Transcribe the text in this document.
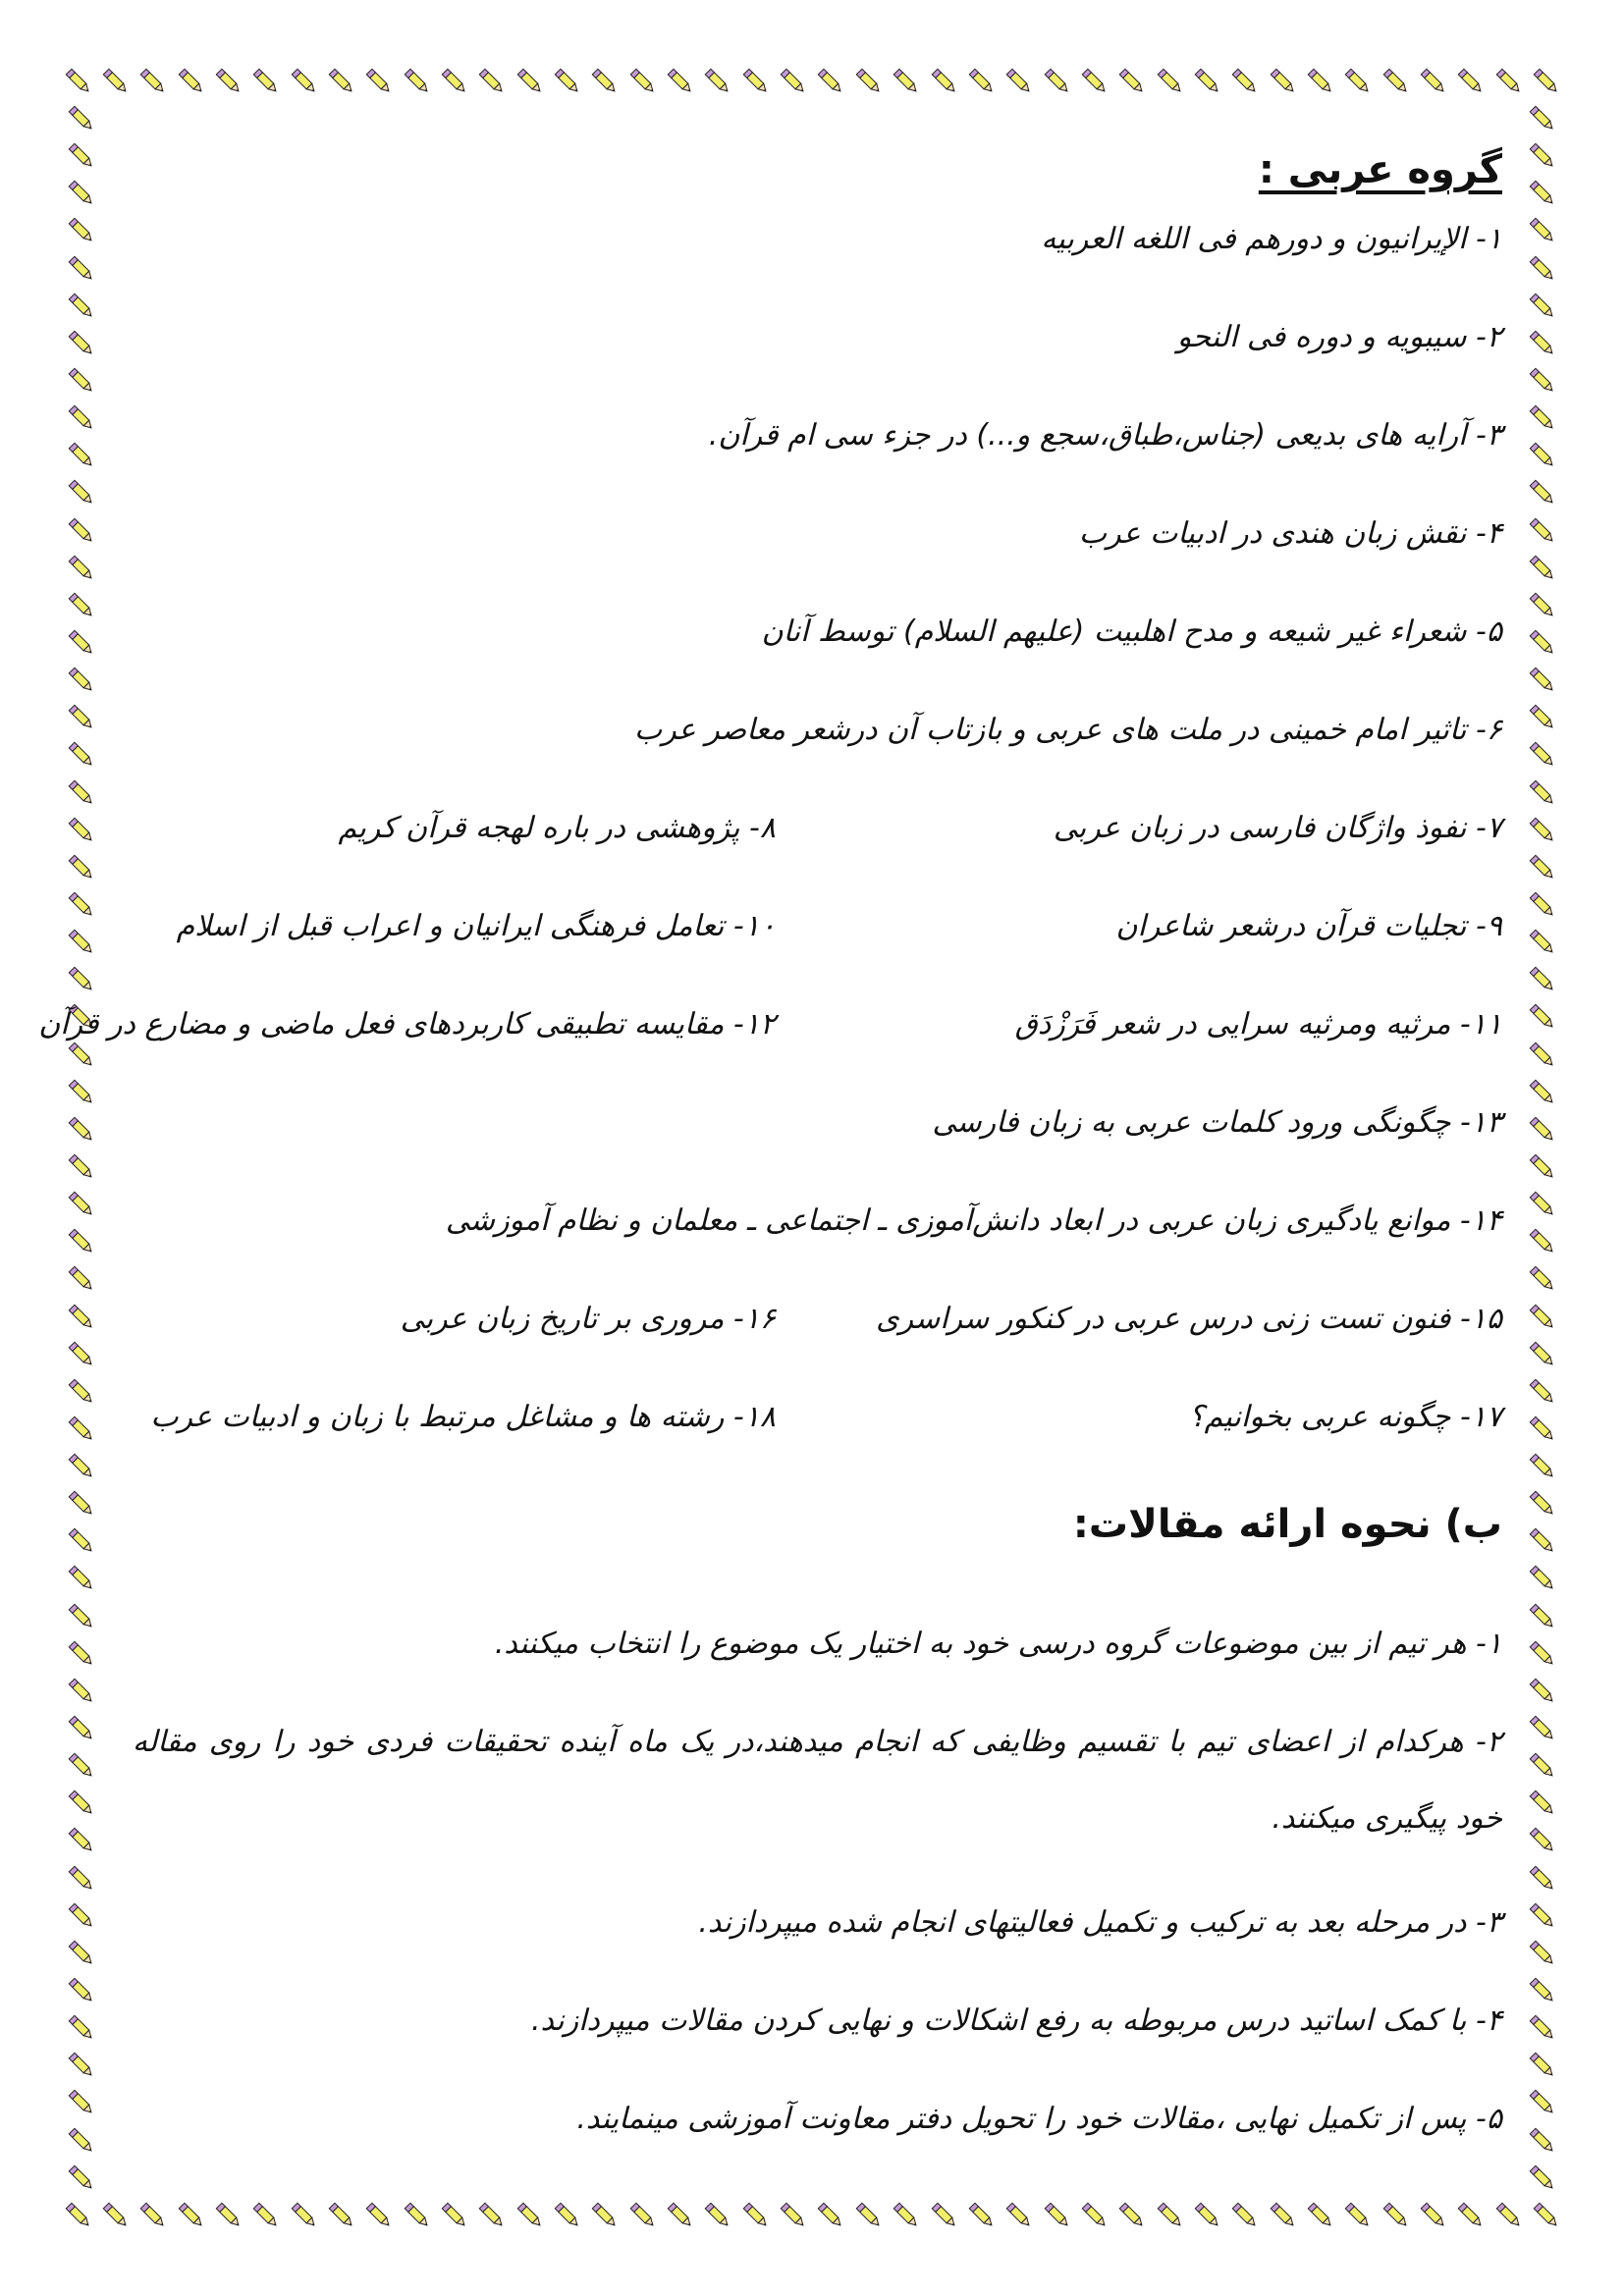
گروه عربی :
١- الإیرانیون و دورهم فی اللغه العربیه
٢- سیبویه و دوره فی النحو
٣- آرایه های بدیعی (جناس،طباق،سجع و...) در جزء سی ام قرآن.
۴- نقش زبان هندی در ادبیات عرب
۵- شعراء غیر شیعه و مدح اهلبیت (علیهم السلام) توسط آنان
۶- تاثیر امام خمینی در ملت های عربی و بازتاب آن درشعر معاصر عرب
٧- نفوذ واژگان فارسی در زبان عربی
٨- پژوهشی در باره لهجه قرآن کریم
٩- تجلیات قرآن درشعر شاعران
١٠- تعامل فرهنگی ایرانیان و اعراب قبل از اسلام
١١- مرثیه ومرثیه سرایی در شعر فَرَزْدَق
١٢- مقایسه تطبیقی کاربردهای فعل ماضی و مضارع در قرآن
١٣- چگونگی ورود کلمات عربی به زبان فارسی
١۴- موانع یادگیری زبان عربی در ابعاد دانش‌آموزی ـ اجتماعی ـ معلمان و نظام آموزشی
١۵- فنون تست زنی درس عربی در کنکور سراسری
١۶- مروری بر تاریخ زبان عربی
١٧- چگونه عربی بخوانیم؟
١٨- رشته ها و مشاغل مرتبط با زبان و ادبیات عرب
ب) نحوه ارائه مقالات:
١- هر تیم از بین موضوعات گروه درسی خود به اختیار یک موضوع را انتخاب میکنند.
٢- هرکدام از اعضای تیم با تقسیم وظایفی که انجام میدهند،در یک ماه آینده تحقیقات فردی خود را روی مقاله خود پیگیری میکنند.
٣- در مرحله بعد به ترکیب و تکمیل فعالیتهای انجام شده میپردازند.
۴- با کمک اساتید درس مربوطه به رفع اشکالات و نهایی کردن مقالات میپردازند.
۵- پس از تکمیل نهایی ،مقالات خود را تحویل دفتر معاونت آموزشی مینمایند.
